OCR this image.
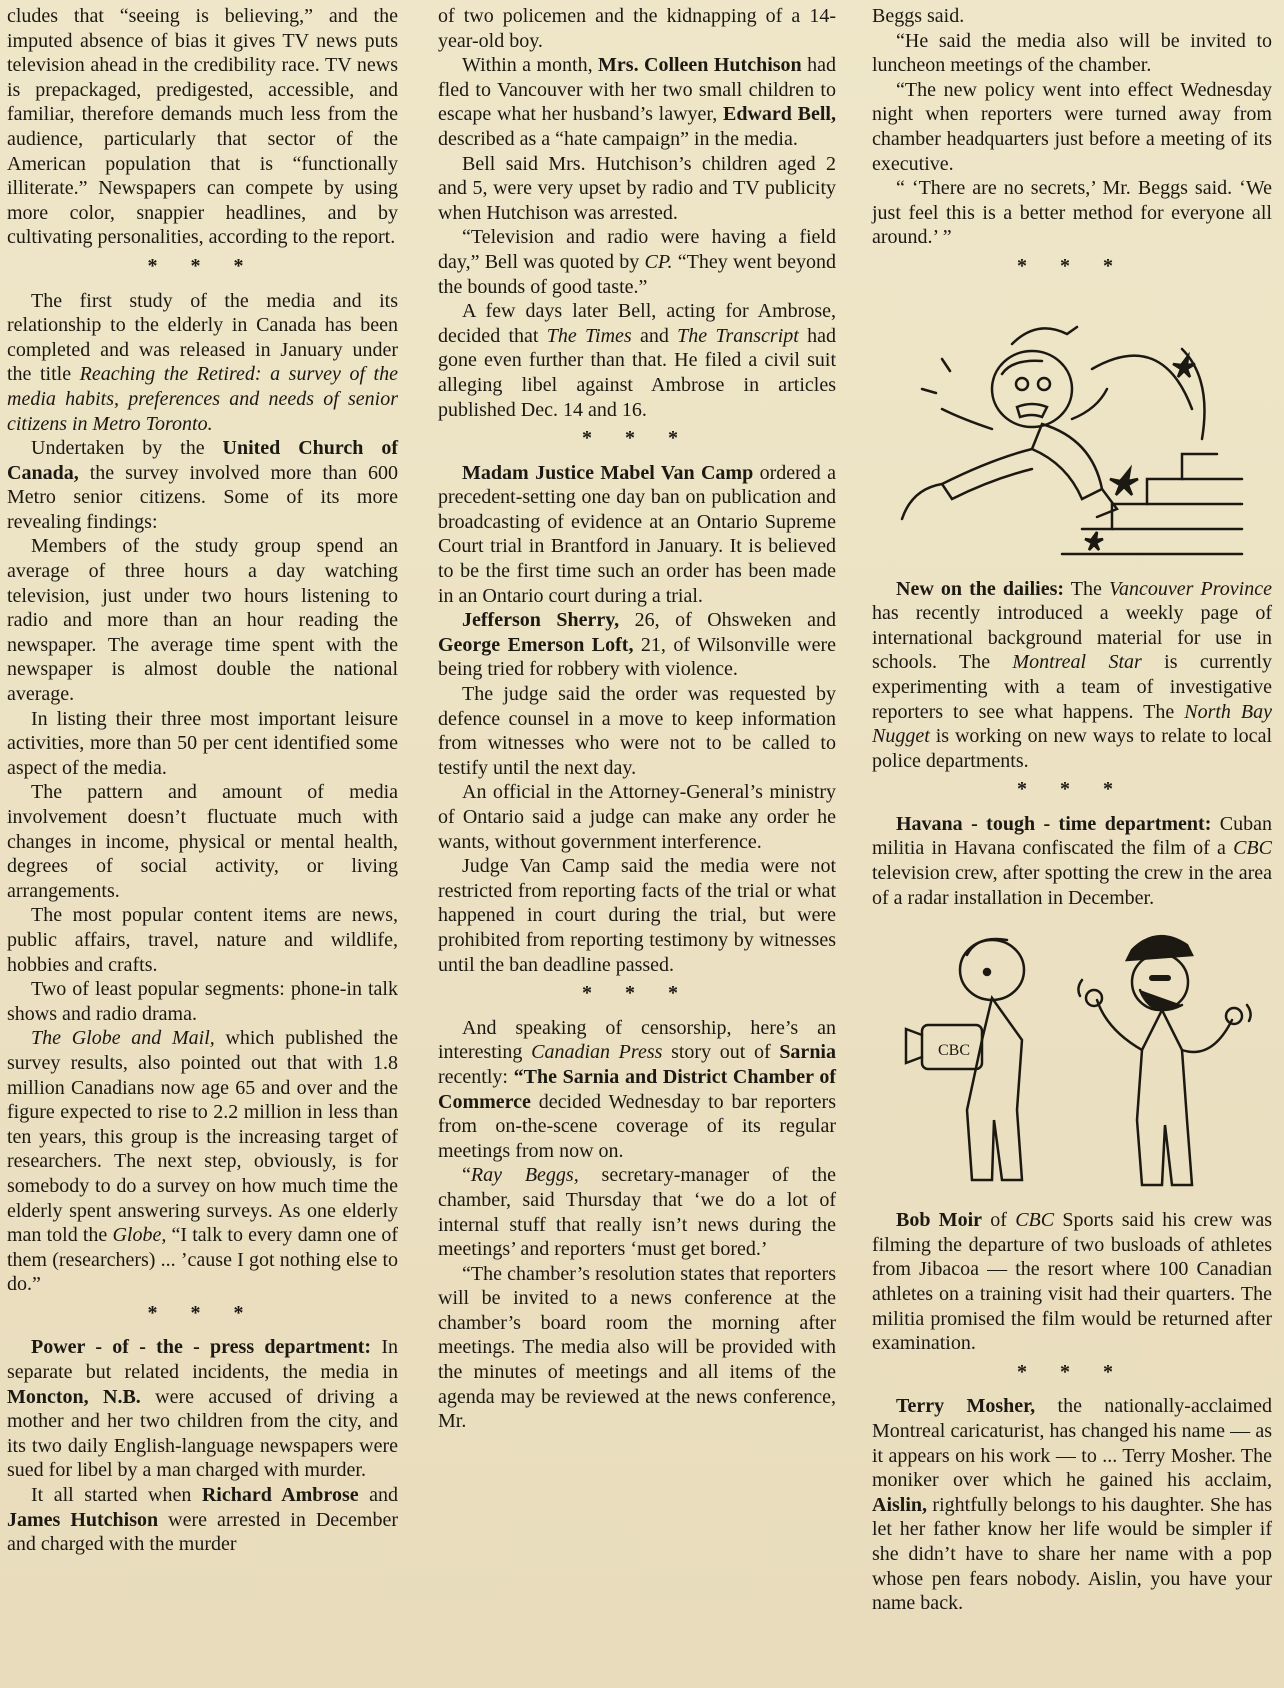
cludes that “seeing is believing,” and the imputed absence of bias it gives TV news puts television ahead in the credibility race. TV news is prepackaged, predigested, accessible, and familiar, therefore demands much less from the audience, particularly that sector of the American population that is “functionally illiterate.” Newspapers can compete by using more color, snappier headlines, and by cultivating personalities, according to the report.

* * *

The first study of the media and its relationship to the elderly in Canada has been completed and was released in January under the title Reaching the Retired: a survey of the media habits, preferences and needs of senior citizens in Metro Toronto.

Undertaken by the United Church of Canada, the survey involved more than 600 Metro senior citizens. Some of its more revealing findings:

Members of the study group spend an average of three hours a day watching television, just under two hours listening to radio and more than an hour reading the newspaper. The average time spent with the newspaper is almost double the national average.

In listing their three most important leisure activities, more than 50 per cent identified some aspect of the media.

The pattern and amount of media involvement doesn’t fluctuate much with changes in income, physical or mental health, degrees of social activity, or living arrangements.

The most popular content items are news, public affairs, travel, nature and wildlife, hobbies and crafts.

Two of least popular segments: phone-in talk shows and radio drama.

The Globe and Mail, which published the survey results, also pointed out that with 1.8 million Canadians now age 65 and over and the figure expected to rise to 2.2 million in less than ten years, this group is the increasing target of researchers. The next step, obviously, is for somebody to do a survey on how much time the elderly spent answering surveys. As one elderly man told the Globe, “I talk to every damn one of them (researchers) ... ’cause I got nothing else to do.”

* * *

Power - of - the - press department: In separate but related incidents, the media in Moncton, N.B. were accused of driving a mother and her two children from the city, and its two daily English-language newspapers were sued for libel by a man charged with murder.

It all started when Richard Ambrose and James Hutchison were arrested in December and charged with the murder

of two policemen and the kidnapping of a 14-year-old boy.

Within a month, Mrs. Colleen Hutchison had fled to Vancouver with her two small children to escape what her husband’s lawyer, Edward Bell, described as a “hate campaign” in the media.

Bell said Mrs. Hutchison’s children aged 2 and 5, were very upset by radio and TV publicity when Hutchison was arrested.

“Television and radio were having a field day,” Bell was quoted by CP. “They went beyond the bounds of good taste.”

A few days later Bell, acting for Ambrose, decided that The Times and The Transcript had gone even further than that. He filed a civil suit alleging libel against Ambrose in articles published Dec. 14 and 16.

* * *

Madam Justice Mabel Van Camp ordered a precedent-setting one day ban on publication and broadcasting of evidence at an Ontario Supreme Court trial in Brantford in January. It is believed to be the first time such an order has been made in an Ontario court during a trial.

Jefferson Sherry, 26, of Ohsweken and George Emerson Loft, 21, of Wilsonville were being tried for robbery with violence.

The judge said the order was requested by defence counsel in a move to keep information from witnesses who were not to be called to testify until the next day.

An official in the Attorney-General’s ministry of Ontario said a judge can make any order he wants, without government interference.

Judge Van Camp said the media were not restricted from reporting facts of the trial or what happened in court during the trial, but were prohibited from reporting testimony by witnesses until the ban deadline passed.

* * *

And speaking of censorship, here’s an interesting Canadian Press story out of Sarnia recently: “The Sarnia and District Chamber of Commerce decided Wednesday to bar reporters from on-the-scene coverage of its regular meetings from now on.

“Ray Beggs, secretary-manager of the chamber, said Thursday that ‘we do a lot of internal stuff that really isn’t news during the meetings’ and reporters ‘must get bored.’

“The chamber’s resolution states that reporters will be invited to a news conference at the chamber’s board room the morning after meetings. The media also will be provided with the minutes of meetings and all items of the agenda may be reviewed at the news conference, Mr.

Beggs said.

“He said the media also will be invited to luncheon meetings of the chamber.

“The new policy went into effect Wednesday night when reporters were turned away from chamber headquarters just before a meeting of its executive.

“ ‘There are no secrets,’ Mr. Beggs said. ‘We just feel this is a better method for everyone all around.’ ”

* * *

New on the dailies: The Vancouver Province has recently introduced a weekly page of international background material for use in schools. The Montreal Star is currently experimenting with a team of investigative reporters to see what happens. The North Bay Nugget is working on new ways to relate to local police departments.

* * *

Havana - tough - time department: Cuban militia in Havana confiscated the film of a CBC television crew, after spotting the crew in the area of a radar installation in December.

CBC

Bob Moir of CBC Sports said his crew was filming the departure of two busloads of athletes from Jibacoa — the resort where 100 Canadian athletes on a training visit had their quarters. The militia promised the film would be returned after examination.

* * *

Terry Mosher, the nationally-acclaimed Montreal caricaturist, has changed his name — as it appears on his work — to ... Terry Mosher. The moniker over which he gained his acclaim, Aislin, rightfully belongs to his daughter. She has let her father know her life would be simpler if she didn’t have to share her name with a pop whose pen fears nobody. Aislin, you have your name back.
